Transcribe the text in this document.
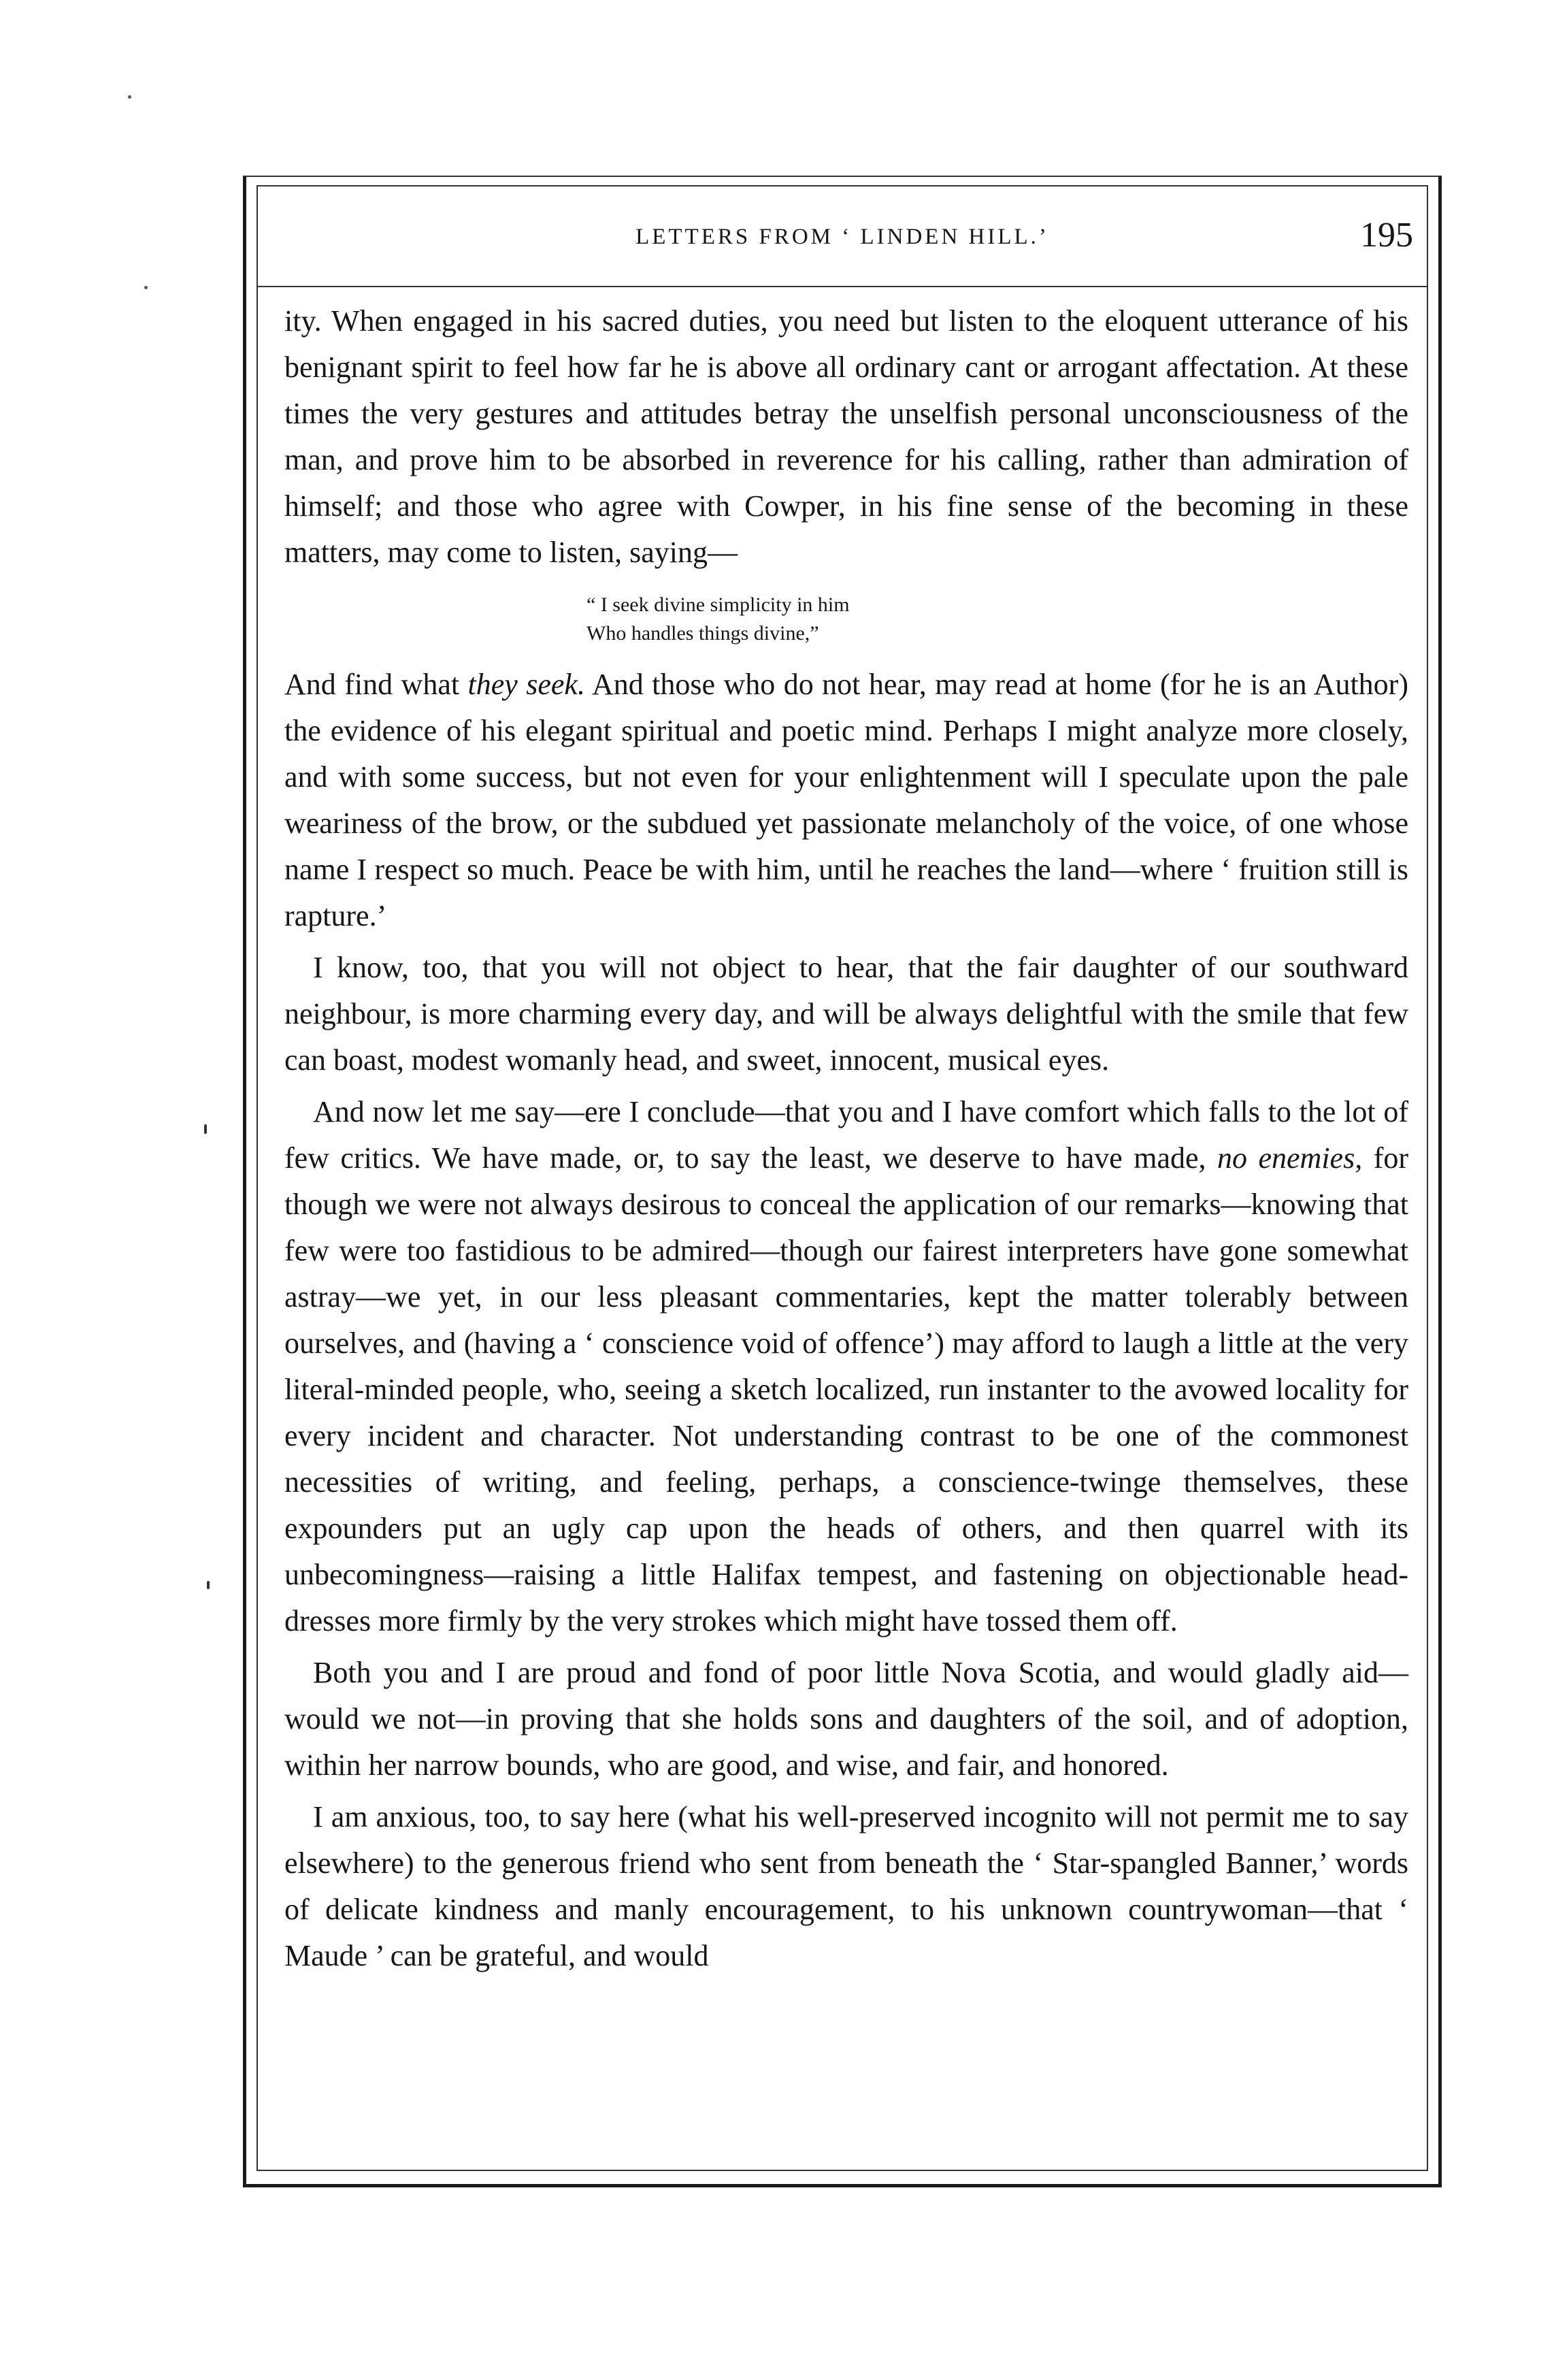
LETTERS FROM ‘ LINDEN HILL.’	195

ity. When engaged in his sacred duties, you need but listen to the eloquent utterance of his benignant spirit to feel how far he is above all ordinary cant or arrogant affectation. At these times the very gestures and attitudes betray the unselfish personal unconsciousness of the man, and prove him to be absorbed in reverence for his calling, rather than admiration of himself; and those who agree with Cowper, in his fine sense of the becoming in these matters, may come to listen, saying—

“ I seek divine simplicity in him
Who handles things divine,”

And find what they seek. And those who do not hear, may read at home (for he is an Author) the evidence of his elegant spiritual and poetic mind. Perhaps I might analyze more closely, and with some success, but not even for your enlightenment will I speculate upon the pale weariness of the brow, or the subdued yet passionate melancholy of the voice, of one whose name I respect so much. Peace be with him, until he reaches the land—where ‘ fruition still is rapture.’

I know, too, that you will not object to hear, that the fair daughter of our southward neighbour, is more charming every day, and will be always delightful with the smile that few can boast, modest womanly head, and sweet, innocent, musical eyes.

And now let me say—ere I conclude—that you and I have comfort which falls to the lot of few critics. We have made, or, to say the least, we deserve to have made, no enemies, for though we were not always desirous to conceal the application of our remarks—knowing that few were too fastidious to be admired—though our fairest interpreters have gone somewhat astray—we yet, in our less pleasant commentaries, kept the matter tolerably between ourselves, and (having a ‘ conscience void of offence’) may afford to laugh a little at the very literal-minded people, who, seeing a sketch localized, run instanter to the avowed locality for every incident and character. Not understanding contrast to be one of the commonest necessities of writing, and feeling, perhaps, a conscience-twinge themselves, these expounders put an ugly cap upon the heads of others, and then quarrel with its unbecomingness—raising a little Halifax tempest, and fastening on objectionable head-dresses more firmly by the very strokes which might have tossed them off.

Both you and I are proud and fond of poor little Nova Scotia, and would gladly aid—would we not—in proving that she holds sons and daughters of the soil, and of adoption, within her narrow bounds, who are good, and wise, and fair, and honored.

I am anxious, too, to say here (what his well-preserved incognito will not permit me to say elsewhere) to the generous friend who sent from beneath the ‘ Star-spangled Banner,’ words of delicate kindness and manly encouragement, to his unknown countrywoman—that ‘ Maude ’ can be grateful, and would
